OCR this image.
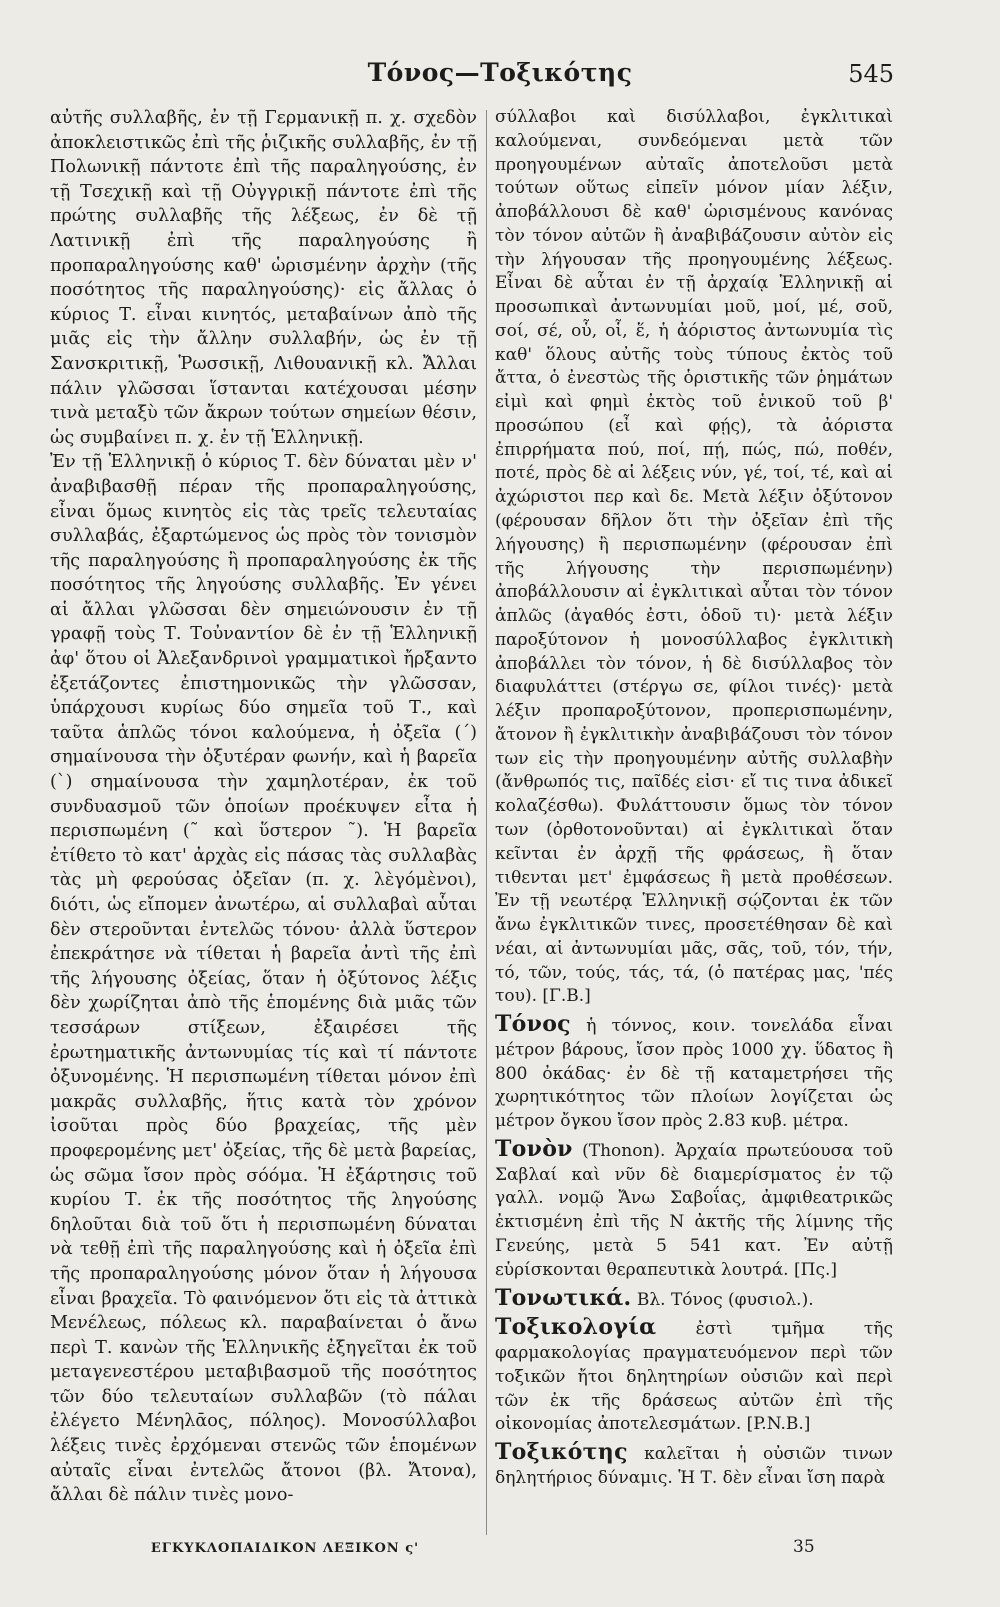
Τόνος—Τοξικότης	545

αὐτῆς συλλαβῆς, ἐν τῇ Γερμανικῇ π. χ. σχεδὸν ἀποκλειστικῶς ἐπὶ τῆς ῥιζικῆς συλλαβῆς, ἐν τῇ Πολωνικῇ πάντοτε ἐπὶ τῆς παραληγούσης, ἐν τῇ Τσεχικῇ καὶ τῇ Οὐγγρικῇ πάντοτε ἐπὶ τῆς πρώτης συλλαβῆς τῆς λέξεως, ἐν δὲ τῇ Λατινικῇ ἐπὶ τῆς παραληγούσης ἢ προπαραληγούσης καθ' ὡρισμένην ἀρχὴν (τῆς ποσότητος τῆς παραληγούσης)· εἰς ἄλλας ὁ κύριος Τ. εἶναι κινητός, μεταβαίνων ἀπὸ τῆς μιᾶς εἰς τὴν ἄλλην συλλαβήν, ὡς ἐν τῇ Σανσκριτικῇ, Ῥωσσικῇ, Λιθουανικῇ κλ. Ἄλλαι πάλιν γλῶσσαι ἵστανται κατέχουσαι μέσην τινὰ μεταξὺ τῶν ἄκρων τούτων σημείων θέσιν, ὡς συμβαίνει π. χ. ἐν τῇ Ἑλληνικῇ.

Ἐν τῇ Ἑλληνικῇ ὁ κύριος Τ. δὲν δύναται μὲν ν' ἀναβιβασθῇ πέραν τῆς προπαραληγούσης, εἶναι ὅμως κινητὸς εἰς τὰς τρεῖς τελευταίας συλλαβάς, ἐξαρτώμενος ὡς πρὸς τὸν τονισμὸν τῆς παραληγούσης ἢ προπαραληγούσης ἐκ τῆς ποσότητος τῆς ληγούσης συλλαβῆς. Ἐν γένει αἱ ἄλλαι γλῶσσαι δὲν σημειώνουσιν ἐν τῇ γραφῇ τοὺς Τ. Τοὐναντίον δὲ ἐν τῇ Ἑλληνικῇ ἀφ' ὅτου οἱ Ἀλεξανδρινοὶ γραμματικοὶ ἤρξαντο ἐξετάζοντες ἐπιστημονικῶς τὴν γλῶσσαν, ὑπάρχουσι κυρίως δύο σημεῖα τοῦ Τ., καὶ ταῦτα ἁπλῶς τόνοι καλούμενα, ἡ ὀξεῖα (΄) σημαίνουσα τὴν ὀξυτέραν φωνήν, καὶ ἡ βαρεῖα (`) σημαίνουσα τὴν χαμηλοτέραν, ἐκ τοῦ συνδυασμοῦ τῶν ὁποίων προέκυψεν εἶτα ἡ περισπωμένη (῀ καὶ ὕστερον ῀). Ἡ βαρεῖα ἐτίθετο τὸ κατ' ἀρχὰς εἰς πάσας τὰς συλλαβὰς τὰς μὴ φερούσας ὀξεῖαν (π. χ. λὲγόμὲνοι), διότι, ὡς εἴπομεν ἀνωτέρω, αἱ συλλαβαὶ αὗται δὲν στεροῦνται ἐντελῶς τόνου· ἀλλὰ ὕστερον ἐπεκράτησε νὰ τίθεται ἡ βαρεῖα ἀντὶ τῆς ἐπὶ τῆς λήγουσης ὀξείας, ὅταν ἡ ὀξύτονος λέξις δὲν χωρίζηται ἀπὸ τῆς ἑπομένης διὰ μιᾶς τῶν τεσσάρων στίξεων, ἐξαιρέσει τῆς ἐρωτηματικῆς ἀντωνυμίας τίς καὶ τί πάντοτε ὀξυνομένης. Ἡ περισπωμένη τίθεται μόνον ἐπὶ μακρᾶς συλλαβῆς, ἥτις κατὰ τὸν χρόνον ἰσοῦται πρὸς δύο βραχείας, τῆς μὲν προφερομένης μετ' ὀξείας, τῆς δὲ μετὰ βαρείας, ὡς σῶμα ἴσον πρὸς σόόμα. Ἡ ἐξάρτησις τοῦ κυρίου Τ. ἐκ τῆς ποσότητος τῆς ληγούσης δηλοῦται διὰ τοῦ ὅτι ἡ περισπωμένη δύναται νὰ τεθῇ ἐπὶ τῆς παραληγούσης καὶ ἡ ὀξεῖα ἐπὶ τῆς προπαραληγούσης μόνον ὅταν ἡ λήγουσα εἶναι βραχεῖα. Τὸ φαινόμενον ὅτι εἰς τὰ ἀττικὰ Μενέλεως, πόλεως κλ. παραβαίνεται ὁ ἄνω περὶ Τ. κανὼν τῆς Ἑλληνικῆς ἐξηγεῖται ἐκ τοῦ μεταγενεστέρου μεταβιβασμοῦ τῆς ποσότητος τῶν δύο τελευταίων συλλαβῶν (τὸ πάλαι ἐλέγετο Μένηλᾱος, πόληος). Μονοσύλλαβοι λέξεις τινὲς ἐρχόμεναι στενῶς τῶν ἑπομένων αὐταῖς εἶναι ἐντελῶς ἄτονοι (βλ. Ἄτονα), ἄλλαι δὲ πάλιν τινὲς μονο-

σύλλαβοι καὶ δισύλλαβοι, ἐγκλιτικαὶ καλούμεναι, συνδεόμεναι μετὰ τῶν προηγουμένων αὐταῖς ἀποτελοῦσι μετὰ τούτων οὕτως εἰπεῖν μόνον μίαν λέξιν, ἀποβάλλουσι δὲ καθ' ὡρισμένους κανόνας τὸν τόνον αὐτῶν ἢ ἀναβιβάζουσιν αὐτὸν εἰς τὴν λήγουσαν τῆς προηγουμένης λέξεως. Εἶναι δὲ αὗται ἐν τῇ ἀρχαίᾳ Ἑλληνικῇ αἱ προσωπικαὶ ἀντωνυμίαι μοῦ, μοί, μέ, σοῦ, σοί, σέ, οὗ, οἷ, ἕ, ἡ ἀόριστος ἀντωνυμία τὶς καθ' ὅλους αὐτῆς τοὺς τύπους ἐκτὸς τοῦ ἄττα, ὁ ἐνεστὼς τῆς ὁριστικῆς τῶν ῥημάτων εἰμὶ καὶ φημὶ ἐκτὸς τοῦ ἑνικοῦ τοῦ β' προσώπου (εἶ καὶ φῄς), τὰ ἀόριστα ἐπιρρήματα πού, ποί, πῄ, πώς, πώ, ποθέν, ποτέ, πρὸς δὲ αἱ λέξεις νύν, γέ, τοί, τέ, καὶ αἱ ἀχώριστοι περ καὶ δε. Μετὰ λέξιν ὀξύτονον (φέρουσαν δῆλον ὅτι τὴν ὀξεῖαν ἐπὶ τῆς λήγουσης) ἢ περισπωμένην (φέρουσαν ἐπὶ τῆς λήγουσης τὴν περισπωμένην) ἀποβάλλουσιν αἱ ἐγκλιτικαὶ αὗται τὸν τόνον ἁπλῶς (ἀγαθός ἐστι, ὁδοῦ τι)· μετὰ λέξιν παροξύτονον ἡ μονοσύλλαβος ἐγκλιτικὴ ἀποβάλλει τὸν τόνον, ἡ δὲ δισύλλαβος τὸν διαφυλάττει (στέργω σε, φίλοι τινές)· μετὰ λέξιν προπαροξύτονον, προπερισπωμένην, ἄτονον ἢ ἐγκλιτικὴν ἀναβιβάζουσι τὸν τόνον των εἰς τὴν προηγουμένην αὐτῆς συλλαβὴν (ἄνθρωπός τις, παῖδές εἰσι· εἴ τις τινα ἀδικεῖ κολαζέσθω). Φυλάττουσιν ὅμως τὸν τόνον των (ὀρθοτονοῦνται) αἱ ἐγκλιτικαὶ ὅταν κεῖνται ἐν ἀρχῇ τῆς φράσεως, ἢ ὅταν τιθενται μετ' ἐμφάσεως ἢ μετὰ προθέσεων. Ἐν τῇ νεωτέρᾳ Ἑλληνικῇ σῴζονται ἐκ τῶν ἄνω ἐγκλιτικῶν τινες, προσετέθησαν δὲ καὶ νέαι, αἱ ἀντωνυμίαι μᾶς, σᾶς, τοῦ, τόν, τήν, τό, τῶν, τούς, τάς, τά, (ὁ πατέρας μας, 'πές του). [Γ.Β.]

Τόνος ἡ τόννος, κοιν. τονελάδα εἶναι μέτρον βάρους, ἴσον πρὸς 1000 χγ. ὕδατος ἢ 800 ὀκάδας· ἐν δὲ τῇ καταμετρήσει τῆς χωρητικότητος τῶν πλοίων λογίζεται ὡς μέτρον ὄγκου ἴσον πρὸς 2.83 κυβ. μέτρα.

Τονὸν (Thonon). Ἀρχαία πρωτεύουσα τοῦ Σαβλαί καὶ νῦν δὲ διαμερίσματος ἐν τῷ γαλλ. νομῷ Ἄνω Σαβοΐας, ἀμφιθεατρικῶς ἐκτισμένη ἐπὶ τῆς Ν ἀκτῆς τῆς λίμνης τῆς Γενεύης, μετὰ 5 541 κατ. Ἐν αὐτῇ εὑρίσκονται θεραπευτικὰ λουτρά. [Πς.]

Τονωτικά. Βλ. Τόνος (φυσιολ.).

Τοξικολογία ἐστὶ τμῆμα τῆς φαρμακολογίας πραγματευόμενον περὶ τῶν τοξικῶν ἤτοι δηλητηρίων οὐσιῶν καὶ περὶ τῶν ἐκ τῆς δράσεως αὐτῶν ἐπὶ τῆς οἰκονομίας ἀποτελεσμάτων. [P.N.B.]

Τοξικότης καλεῖται ἡ οὐσιῶν τινων δηλητήριος δύναμις. Ἡ Τ. δὲν εἶναι ἴση παρὰ

ΕΓΚΥΚΛΟΠΑΙΔΙΚΟΝ ΛΕΞΙΚΟΝ ς'	35
